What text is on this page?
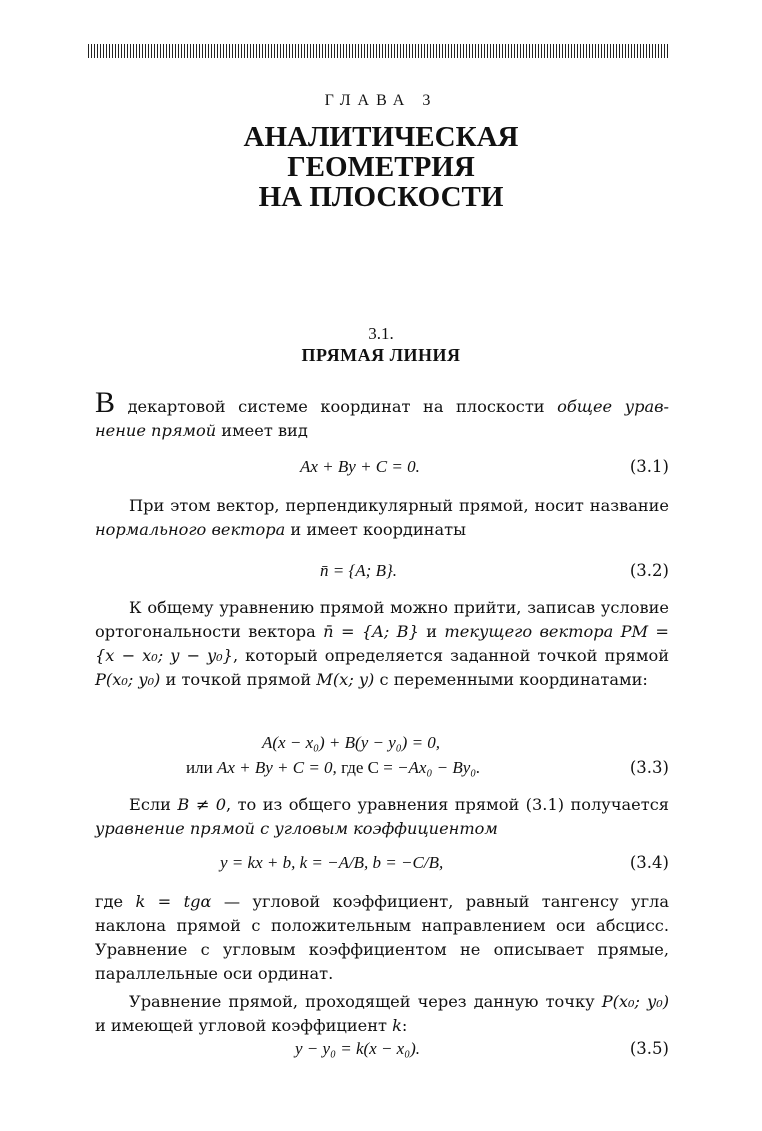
ГЛАВА 3
АНАЛИТИЧЕСКАЯ
ГЕОМЕТРИЯ
НА ПЛОСКОСТИ
3.1.
ПРЯМАЯ ЛИНИЯ
В декартовой системе координат на плоскости общее урав- нение прямой имеет вид
Ax + By + C = 0.	(3.1)
При этом вектор, перпендикулярный прямой, носит название нормального вектора и имеет координаты
n̄ = {A; B}.	(3.2)
К общему уравнению прямой можно прийти, записав условие ортогональности вектора n̄ = {A; B} и текущего вектора PM = {x − x₀; y − y₀}, который определяется заданной точкой прямой P(x₀; y₀) и точкой прямой M(x; y) с переменными координатами:
A(x − x₀) + B(y − y₀) = 0,
или Ax + By + C = 0, где C = −Ax₀ − By₀.	(3.3)
Если B ≠ 0, то из общего уравнения прямой (3.1) получается уравнение прямой с угловым коэффициентом
y = kx + b, k = −A/B, b = −C/B,	(3.4)
где k = tgα — угловой коэффициент, равный тангенсу угла наклона прямой с положительным направлением оси абсцисс. Уравнение с угловым коэффициентом не описывает прямые, параллельные оси ординат.
Уравнение прямой, проходящей через данную точку P(x₀; y₀) и имеющей угловой коэффициент k:
y − y₀ = k(x − x₀).	(3.5)
